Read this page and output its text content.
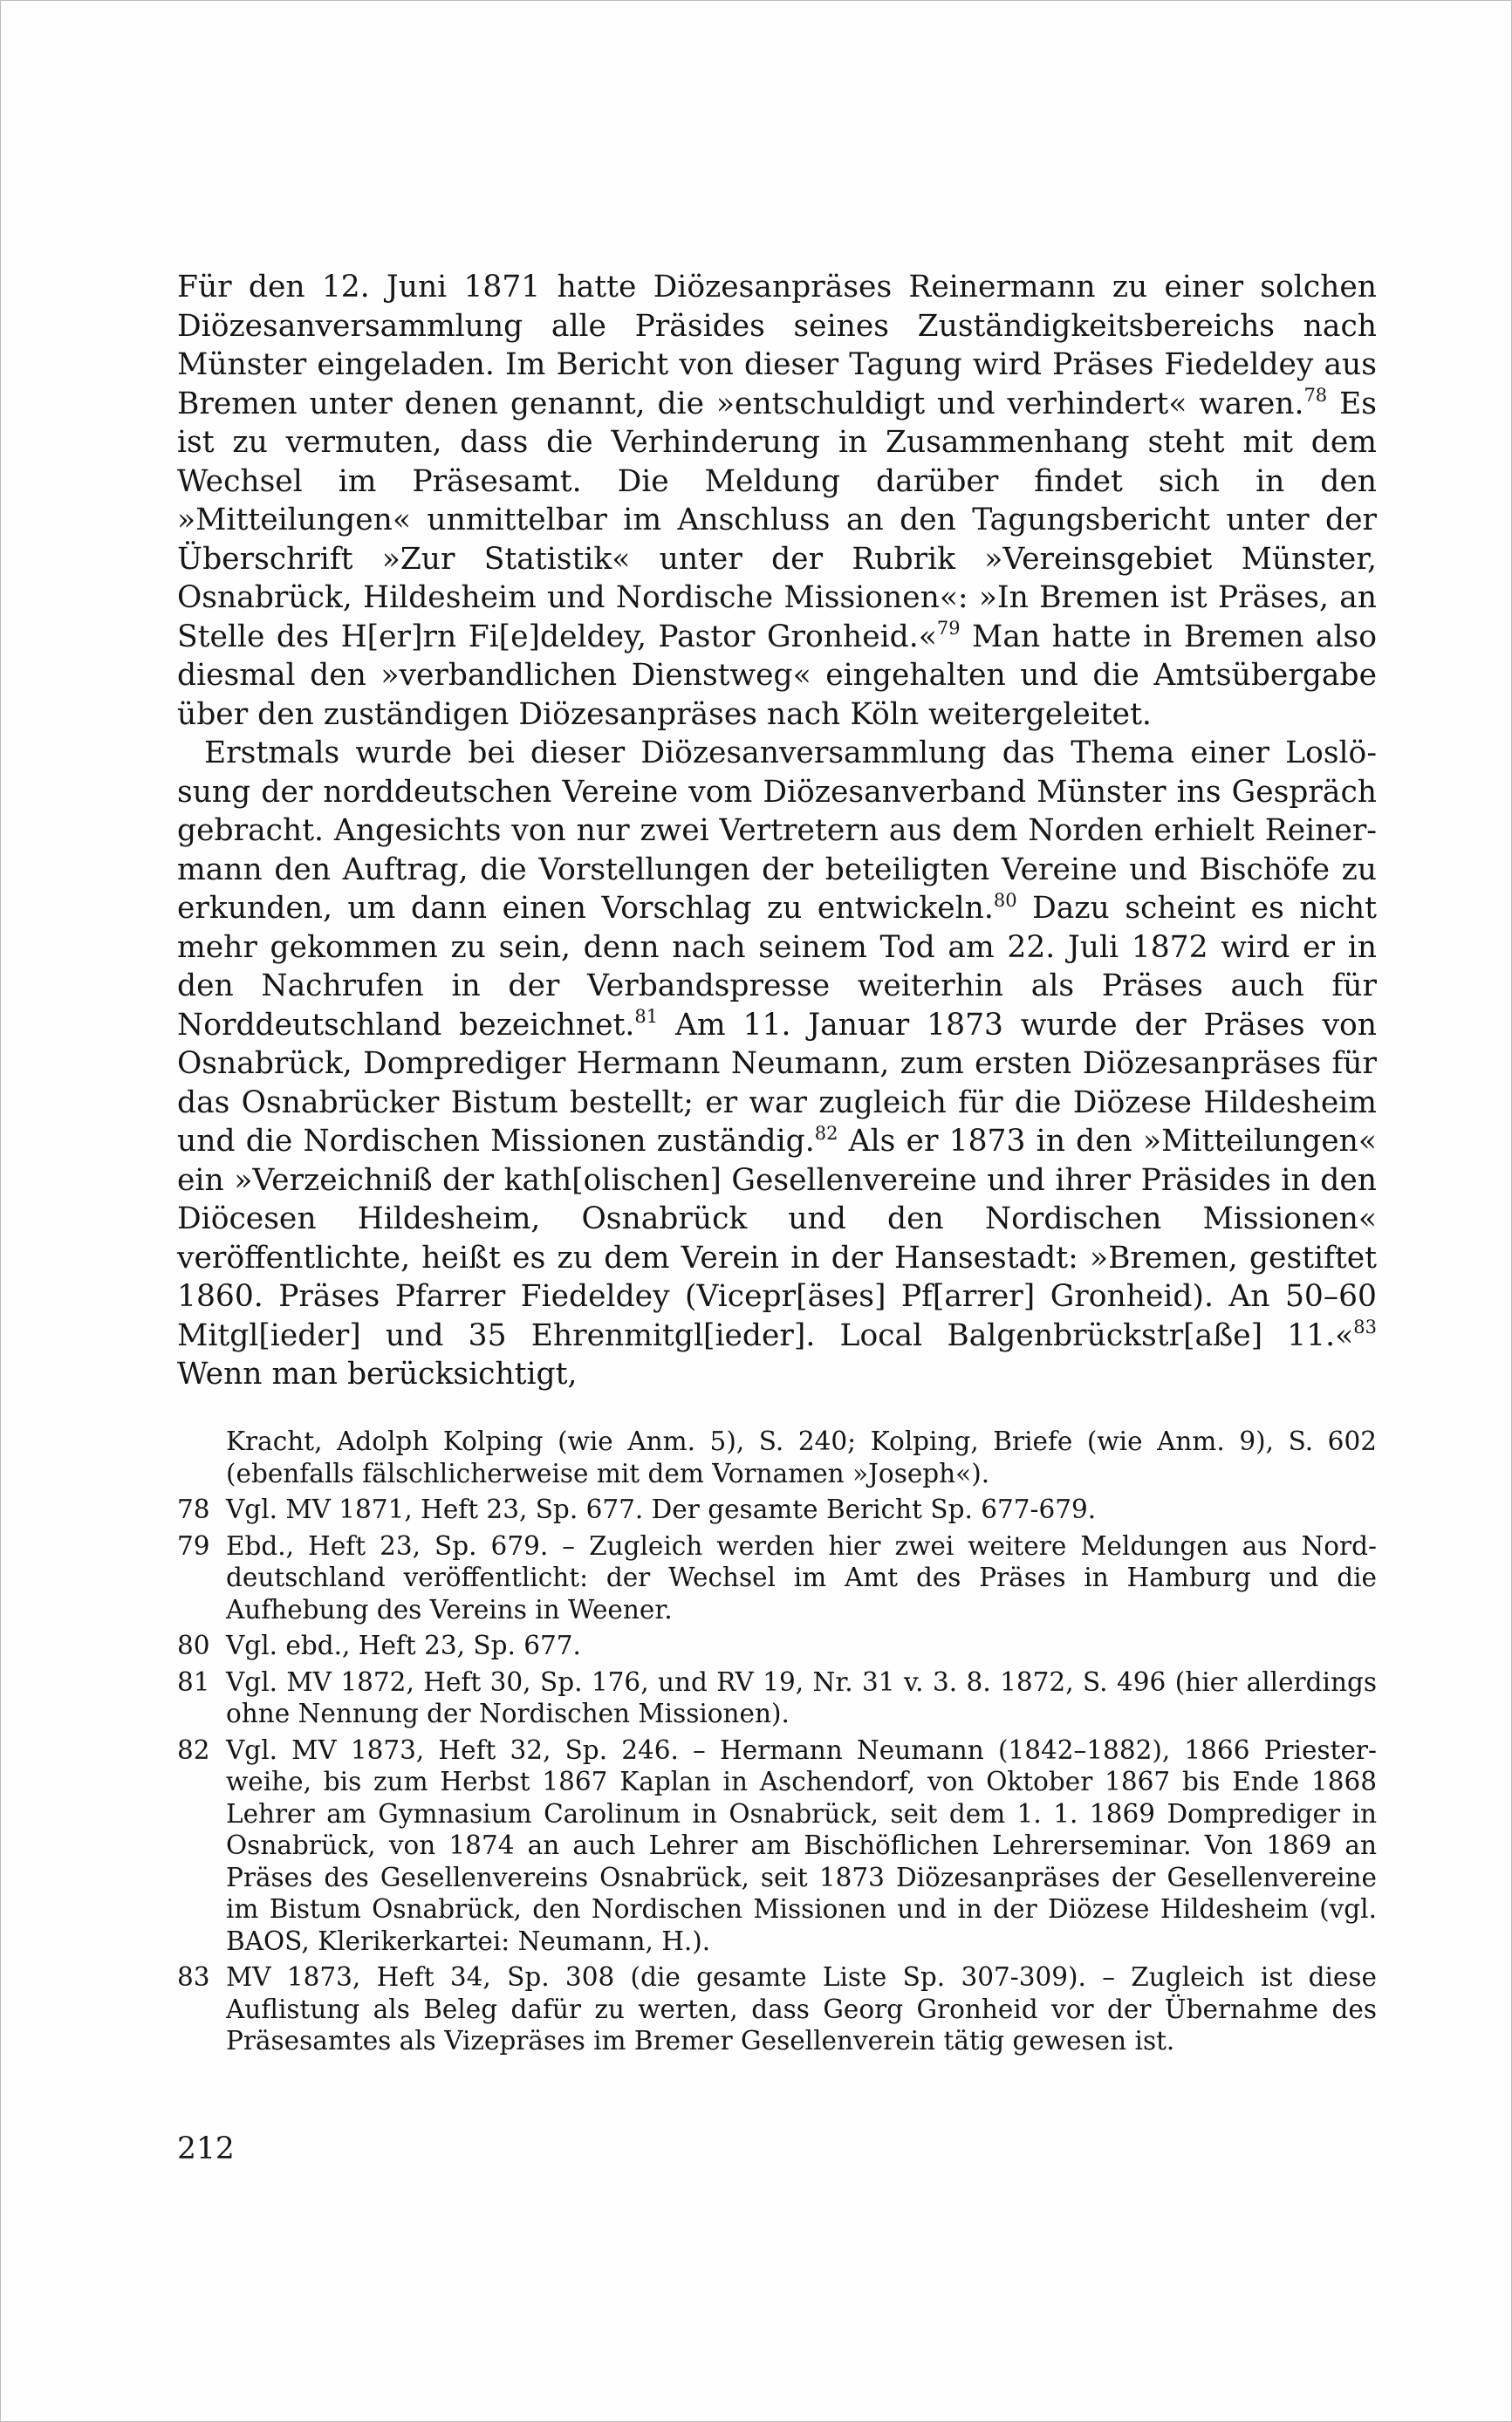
Für den 12. Juni 1871 hatte Diözesanpräses Reinermann zu einer solchen Diözesanversammlung alle Präsides seines Zuständigkeitsbereichs nach Münster eingeladen. Im Bericht von dieser Tagung wird Präses Fiedeldey aus Bremen unter denen genannt, die »entschuldigt und verhindert« waren.$^{78}$ Es ist zu vermuten, dass die Verhinderung in Zusammenhang steht mit dem Wechsel im Präsesamt. Die Meldung darüber findet sich in den »Mitteilungen« unmittelbar im Anschluss an den Tagungsbericht unter der Überschrift »Zur Statistik« unter der Rubrik »Vereinsgebiet Münster, Osnabrück, Hildesheim und Nordische Missionen«: »In Bremen ist Präses, an Stelle des H[er]rn Fi[e]deldey, Pastor Gronheid.«$^{79}$ Man hatte in Bremen also diesmal den »verbandlichen Dienstweg« eingehalten und die Amtsübergabe über den zuständigen Diözesanpräses nach Köln weitergeleitet.

Erstmals wurde bei dieser Diözesanversammlung das Thema einer Loslösung der norddeutschen Vereine vom Diözesanverband Münster ins Gespräch gebracht. Angesichts von nur zwei Vertretern aus dem Norden erhielt Reinermann den Auftrag, die Vorstellungen der beteiligten Vereine und Bischöfe zu erkunden, um dann einen Vorschlag zu entwickeln.$^{80}$ Dazu scheint es nicht mehr gekommen zu sein, denn nach seinem Tod am 22. Juli 1872 wird er in den Nachrufen in der Verbandspresse weiterhin als Präses auch für Norddeutschland bezeichnet.$^{81}$ Am 11. Januar 1873 wurde der Präses von Osnabrück, Domprediger Hermann Neumann, zum ersten Diözesanpräses für das Osnabrücker Bistum bestellt; er war zugleich für die Diözese Hildesheim und die Nordischen Missionen zuständig.$^{82}$ Als er 1873 in den »Mitteilungen« ein »Verzeichniß der kath[olischen] Gesellenvereine und ihrer Präsides in den Diöcesen Hildesheim, Osnabrück und den Nordischen Missionen« veröffentlichte, heißt es zu dem Verein in der Hansestadt: »Bremen, gestiftet 1860. Präses Pfarrer Fiedeldey (Vicepr[äses] Pf[arrer] Gronheid). An 50–60 Mitgl[ieder] und 35 Ehrenmitgl[ieder]. Local Balgenbrückstr[aße] 11.«$^{83}$ Wenn man berücksichtigt,

Kracht, Adolph Kolping (wie Anm. 5), S. 240; Kolping, Briefe (wie Anm. 9), S. 602 (ebenfalls fälschlicherweise mit dem Vornamen »Joseph«).
78 Vgl. MV 1871, Heft 23, Sp. 677. Der gesamte Bericht Sp. 677-679.
79 Ebd., Heft 23, Sp. 679. – Zugleich werden hier zwei weitere Meldungen aus Norddeutschland veröffentlicht: der Wechsel im Amt des Präses in Hamburg und die Aufhebung des Vereins in Weener.
80 Vgl. ebd., Heft 23, Sp. 677.
81 Vgl. MV 1872, Heft 30, Sp. 176, und RV 19, Nr. 31 v. 3. 8. 1872, S. 496 (hier allerdings ohne Nennung der Nordischen Missionen).
82 Vgl. MV 1873, Heft 32, Sp. 246. – Hermann Neumann (1842–1882), 1866 Priesterweihe, bis zum Herbst 1867 Kaplan in Aschendorf, von Oktober 1867 bis Ende 1868 Lehrer am Gymnasium Carolinum in Osnabrück, seit dem 1. 1. 1869 Domprediger in Osnabrück, von 1874 an auch Lehrer am Bischöflichen Lehrerseminar. Von 1869 an Präses des Gesellenvereins Osnabrück, seit 1873 Diözesanpräses der Gesellenvereine im Bistum Osnabrück, den Nordischen Missionen und in der Diözese Hildesheim (vgl. BAOS, Klerikerkartei: Neumann, H.).
83 MV 1873, Heft 34, Sp. 308 (die gesamte Liste Sp. 307-309). – Zugleich ist diese Auflistung als Beleg dafür zu werten, dass Georg Gronheid vor der Übernahme des Präsesamtes als Vizepräses im Bremer Gesellenverein tätig gewesen ist.
212
